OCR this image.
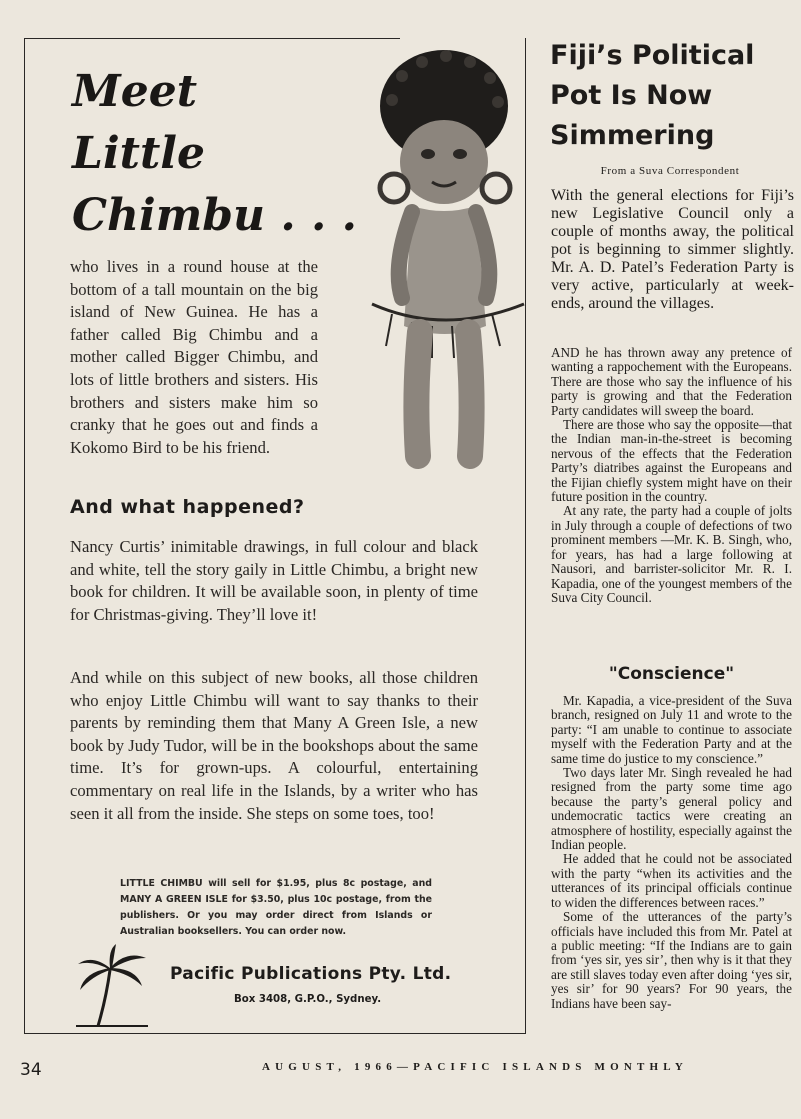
Meet
Little
Chimbu . . .
who lives in a round house at the bottom of a tall mountain on the big island of New Guinea. He has a father called Big Chimbu and a mother called Bigger Chimbu, and lots of little brothers and sisters. His brothers and sisters make him so cranky that he goes out and finds a Kokomo Bird to be his friend.
And what happened?
Nancy Curtis’ inimitable drawings, in full colour and black and white, tell the story gaily in Little Chimbu, a bright new book for children. It will be available soon, in plenty of time for Christmas-giving. They’ll love it!
And while on this subject of new books, all those children who enjoy Little Chimbu will want to say thanks to their parents by reminding them that Many A Green Isle, a new book by Judy Tudor, will be in the bookshops about the same time. It’s for grown-ups. A colourful, entertaining commentary on real life in the Islands, by a writer who has seen it all from the inside. She steps on some toes, too!
LITTLE CHIMBU will sell for $1.95, plus 8c postage, and MANY A GREEN ISLE for $3.50, plus 10c postage, from the publishers. Or you may order direct from Islands or Australian booksellers. You can order now.
Pacific Publications Pty. Ltd.
Box 3408, G.P.O., Sydney.
Fiji’s Political
Pot Is Now
Simmering
From a Suva Correspondent
With the general elections for Fiji’s new Legislative Council only a couple of months away, the political pot is beginning to simmer slightly. Mr. A. D. Patel’s Federation Party is very active, particularly at week-ends, around the villages.

AND he has thrown away any pretence of wanting a rappochement with the Europeans. There are those who say the influence of his party is growing and that the Federation Party candidates will sweep the board.

There are those who say the opposite—that the Indian man-in-the-street is becoming nervous of the effects that the Federation Party’s diatribes against the Europeans and the Fijian chiefly system might have on their future position in the country.

At any rate, the party had a couple of jolts in July through a couple of defections of two prominent members —Mr. K. B. Singh, who, for years, has had a large following at Nausori, and barrister-solicitor Mr. R. I. Kapadia, one of the youngest members of the Suva City Council.

"Conscience"

Mr. Kapadia, a vice-president of the Suva branch, resigned on July 11 and wrote to the party: “I am unable to continue to associate myself with the Federation Party and at the same time do justice to my conscience.”

Two days later Mr. Singh revealed he had resigned from the party some time ago because the party’s general policy and undemocratic tactics were creating an atmosphere of hostility, especially against the Indian people.

He added that he could not be associated with the party “when its activities and the utterances of its principal officials continue to widen the differences between races.”

Some of the utterances of the party’s officials have included this from Mr. Patel at a public meeting: “If the Indians are to gain from ‘yes sir, yes sir’, then why is it that they are still slaves today even after doing ‘yes sir, yes sir’ for 90 years? For 90 years, the Indians have been say-

34	AUGUST, 1966—PACIFIC ISLANDS MONTHLY
